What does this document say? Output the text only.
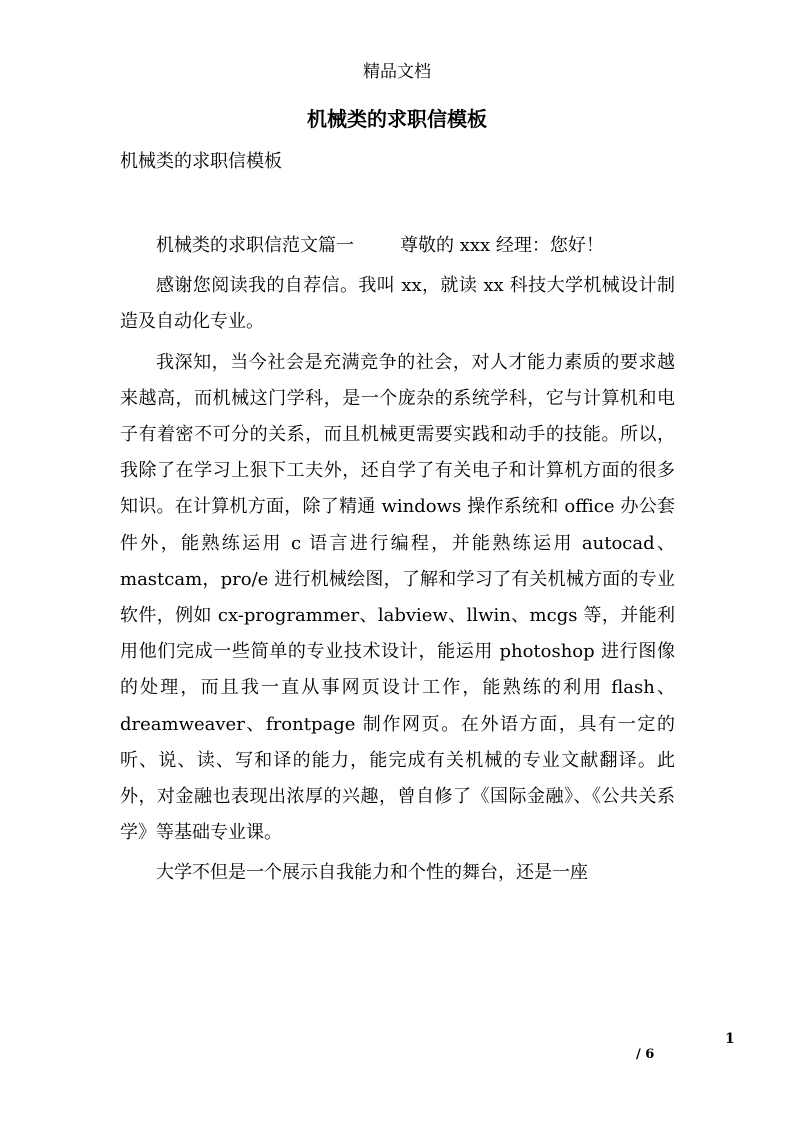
精品文档
机械类的求职信模板
机械类的求职信模板

机械类的求职信范文篇一	尊敬的 xxx 经理：您好！

感谢您阅读我的自荐信。我叫 xx，就读 xx 科技大学机械设计制造及自动化专业。

我深知，当今社会是充满竞争的社会，对人才能力素质的要求越来越高，而机械这门学科，是一个庞杂的系统学科，它与计算机和电子有着密不可分的关系，而且机械更需要实践和动手的技能。所以，我除了在学习上狠下工夫外，还自学了有关电子和计算机方面的很多知识。在计算机方面，除了精通 windows 操作系统和 office 办公套件外，能熟练运用 c 语言进行编程，并能熟练运用 autocad、mastcam，pro/e 进行机械绘图，了解和学习了有关机械方面的专业软件，例如 cx-programmer、labview、llwin、mcgs 等，并能利用他们完成一些简单的专业技术设计，能运用 photoshop 进行图像的处理，而且我一直从事网页设计工作，能熟练的利用 flash、dreamweaver、frontpage 制作网页。在外语方面，具有一定的听、说、读、写和译的能力，能完成有关机械的专业文献翻译。此外，对金融也表现出浓厚的兴趣，曾自修了《国际金融》、《公共关系学》等基础专业课。

大学不但是一个展示自我能力和个性的舞台，还是一座

1
/ 6
